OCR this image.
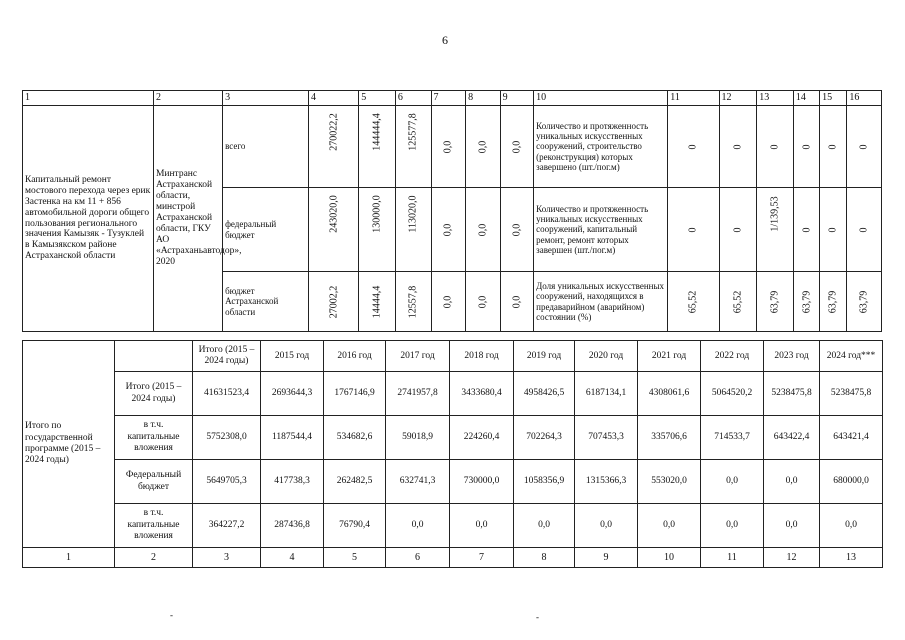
6
1	2	3	4	5	6	7	8	9	10	11	12	13	14	15	16
Капитальный ремонт мостового перехода через ерик Застенка на км 11 + 856 автомобильной дороги общего пользования регионального значения Камызяк - Тузуклей в Камызякском районе Астраханской области	Минтранс Астраханской области, минстрой Астраханской области, ГКУ АО «Астраханьавтодор», 2020	всего	270022,2	144444,4	125577,8	0,0	0,0	0,0	Количество и протяженность уникальных искусственных сооружений, строительство (реконструкция) которых завершено (шт./пог.м)	0	0	0	0	0	0

		федеральный бюджет	243020,0	130000,0	113020,0	0,0	0,0	0,0	Количество и протяженность уникальных искусственных сооружений, капитальный ремонт, ремонт которых завершен (шт./пог.м)	0	0	1/139,53	0	0	0

		бюджет Астраханской области	27002,2	14444,4	12557,8	0,0	0,0	0,0	Доля уникальных искусственных сооружений, находящихся в предаварийном (аварийном) состоянии (%)	65,52	65,52	63,79	63,79	63,79	63,79
Итого по государственной программе (2015 – 2024 годы)		Итого (2015 – 2024 годы)	2015 год	2016 год	2017 год	2018 год	2019 год	2020 год	2021 год	2022 год	2023 год	2024 год***
	Итого (2015 – 2024 годы)	41631523,4	2693644,3	1767146,9	2741957,8	3433680,4	4958426,5	6187134,1	4308061,6	5064520,2	5238475,8	5238475,8
	в т.ч. капитальные вложения	5752308,0	1187544,4	534682,6	59018,9	224260,4	702264,3	707453,3	335706,6	714533,7	643422,4	643421,4
	Федеральный бюджет	5649705,3	417738,3	262482,5	632741,3	730000,0	1058356,9	1315366,3	553020,0	0,0	0,0	680000,0
	в т.ч. капитальные вложения	364227,2	287436,8	76790,4	0,0	0,0	0,0	0,0	0,0	0,0	0,0	0,0
1	2	3	4	5	6	7	8	9	10	11	12	13
-	-
